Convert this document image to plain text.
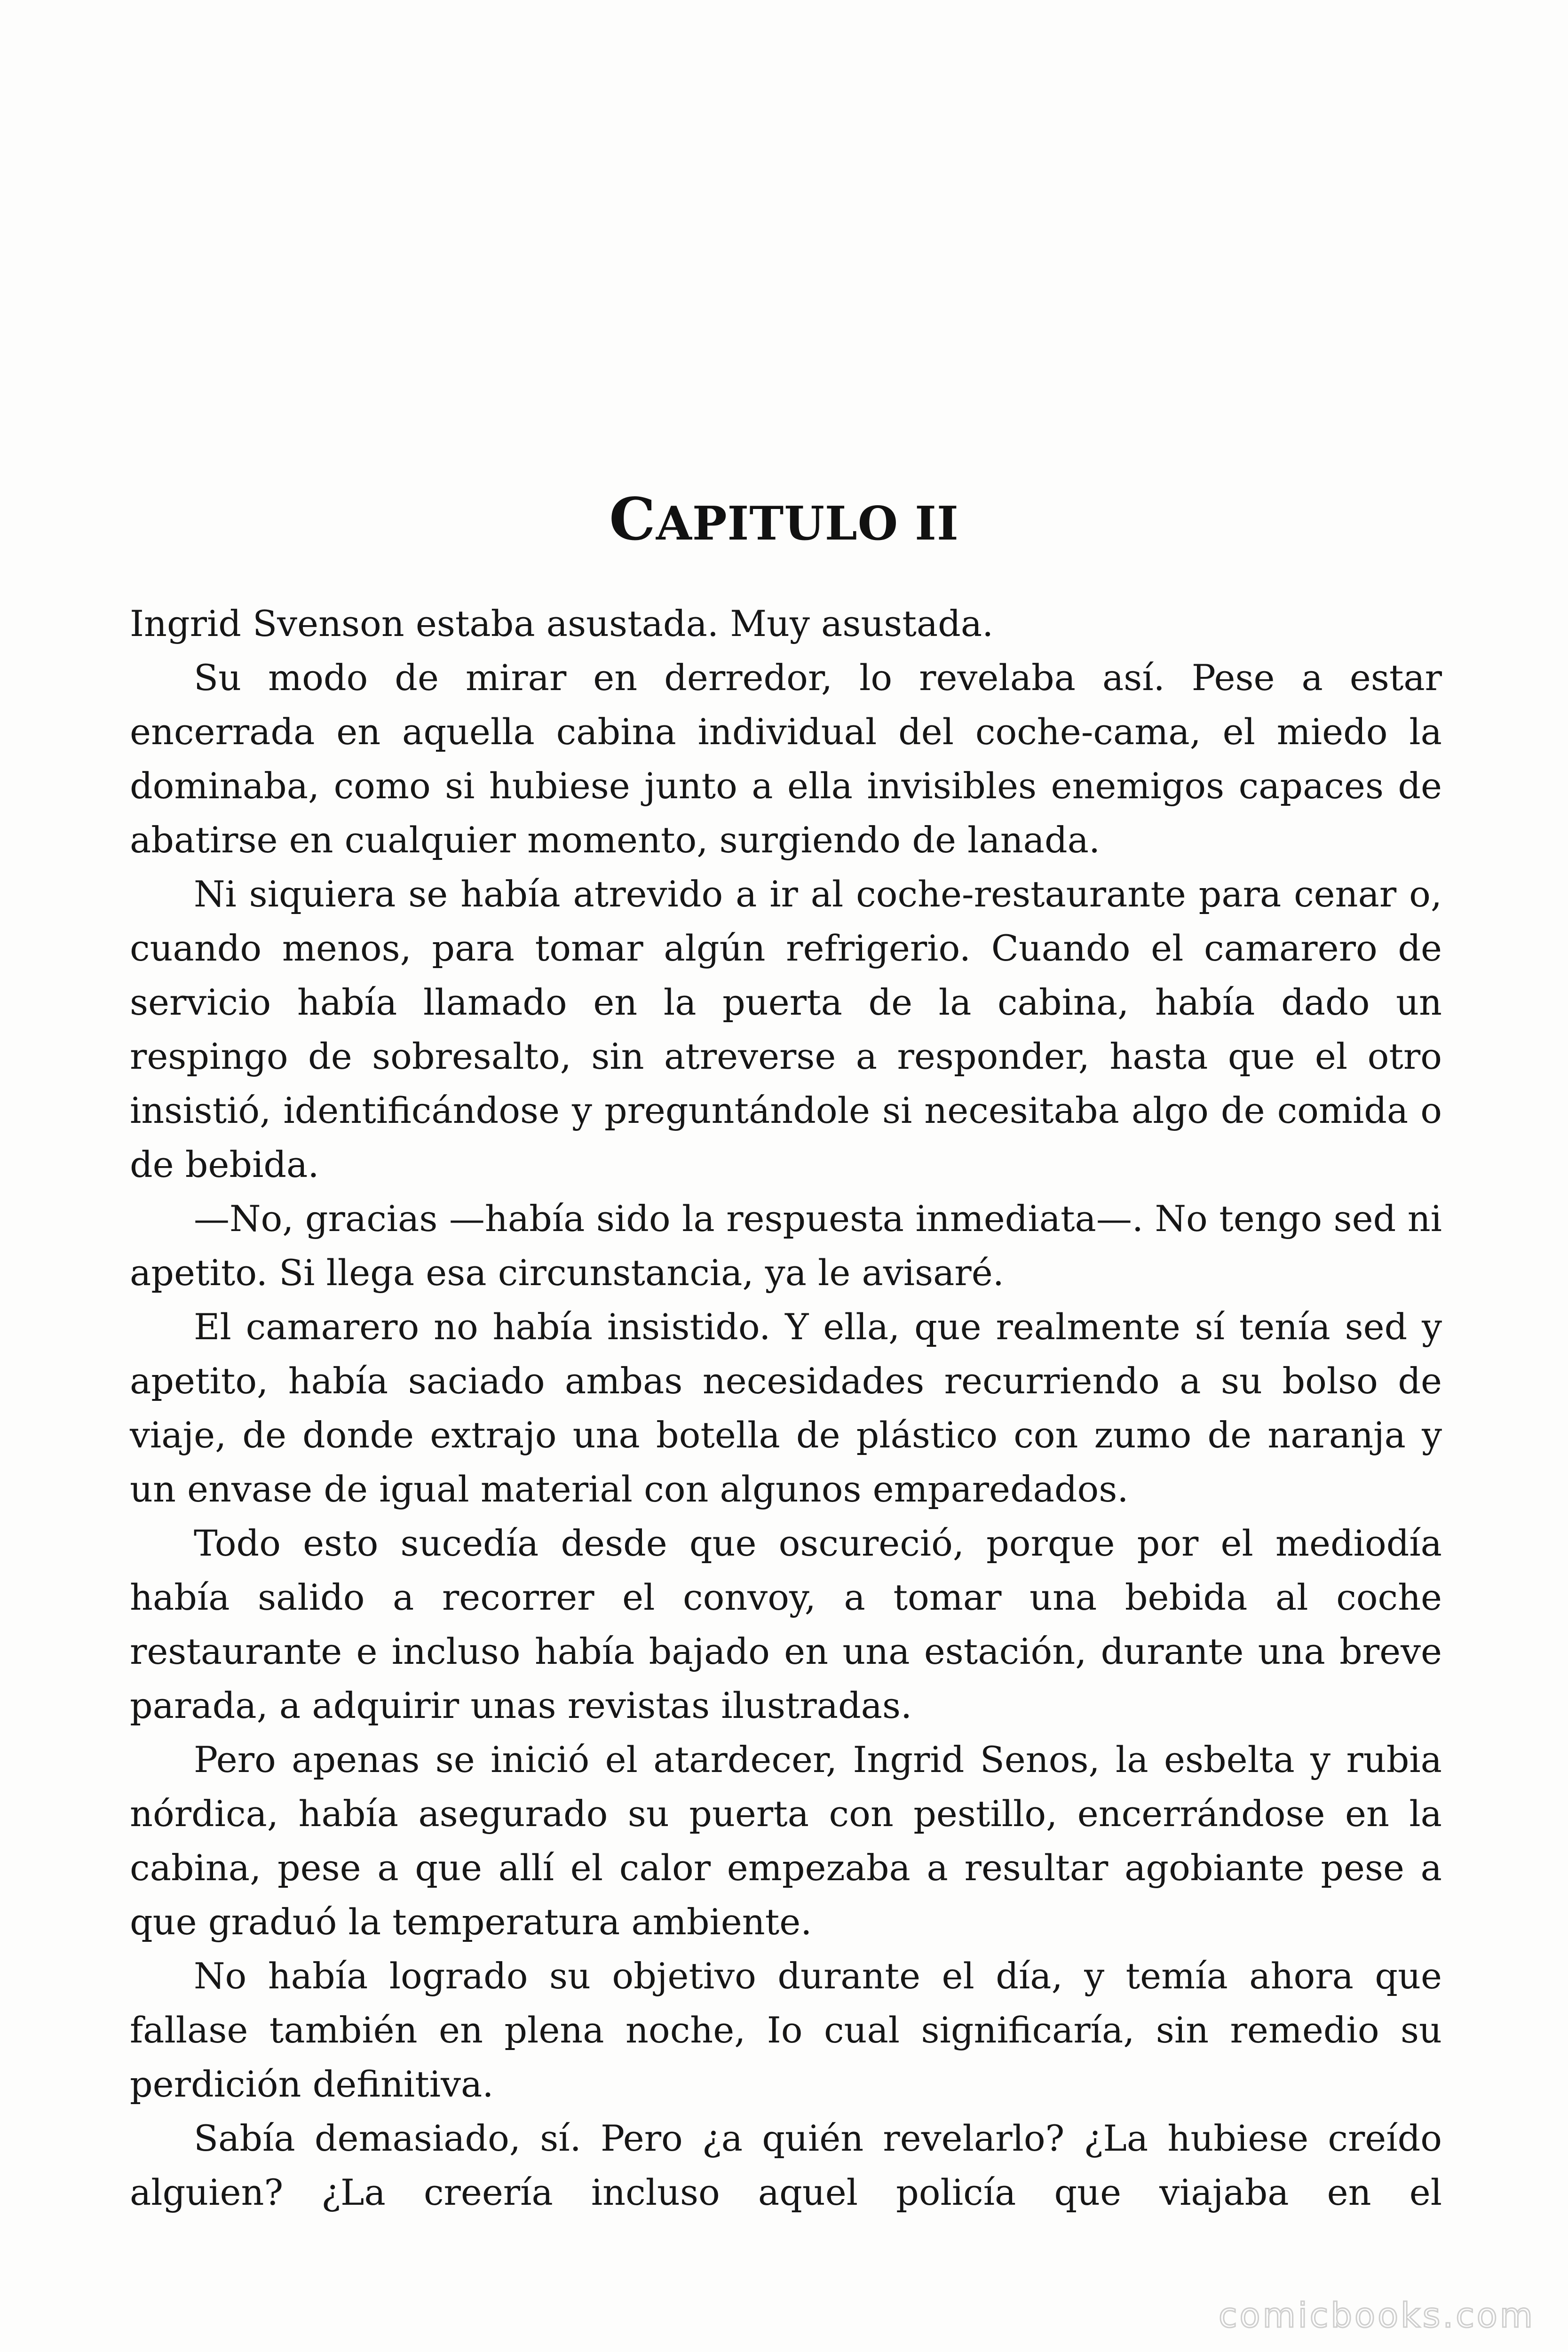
CAPITULO II

Ingrid Svenson estaba asustada. Muy asustada.

Su modo de mirar en derredor, lo revelaba así. Pese a estar encerrada en aquella cabina individual del coche-cama, el miedo la dominaba, como si hubiese junto a ella invisibles enemigos capaces de abatirse en cualquier momento, surgiendo de lanada.

Ni siquiera se había atrevido a ir al coche-restaurante para cenar o, cuando menos, para tomar algún refrigerio. Cuando el camarero de servicio había llamado en la puerta de la cabina, había dado un respingo de sobresalto, sin atreverse a responder, hasta que el otro insistió, identificándose y preguntándole si necesitaba algo de comida o de bebida.

—No, gracias —había sido la respuesta inmediata—. No tengo sed ni apetito. Si llega esa circunstancia, ya le avisaré.

El camarero no había insistido. Y ella, que realmente sí tenía sed y apetito, había saciado ambas necesidades recurriendo a su bolso de viaje, de donde extrajo una botella de plástico con zumo de naranja y un envase de igual material con algunos emparedados.

Todo esto sucedía desde que oscureció, porque por el mediodía había salido a recorrer el convoy, a tomar una bebida al coche restaurante e incluso había bajado en una estación, durante una breve parada, a adquirir unas revistas ilustradas.

Pero apenas se inició el atardecer, Ingrid Senos, la esbelta y rubia nórdica, había asegurado su puerta con pestillo, encerrándose en la cabina, pese a que allí el calor empezaba a resultar agobiante pese a que graduó la temperatura ambiente.

No había logrado su objetivo durante el día, y temía ahora que fallase también en plena noche, Io cual significaría, sin remedio su perdición definitiva.

Sabía demasiado, sí. Pero ¿a quién revelarlo? ¿La hubiese creído alguien? ¿La creería incluso aquel policía que viajaba en el

comicbooks.com
